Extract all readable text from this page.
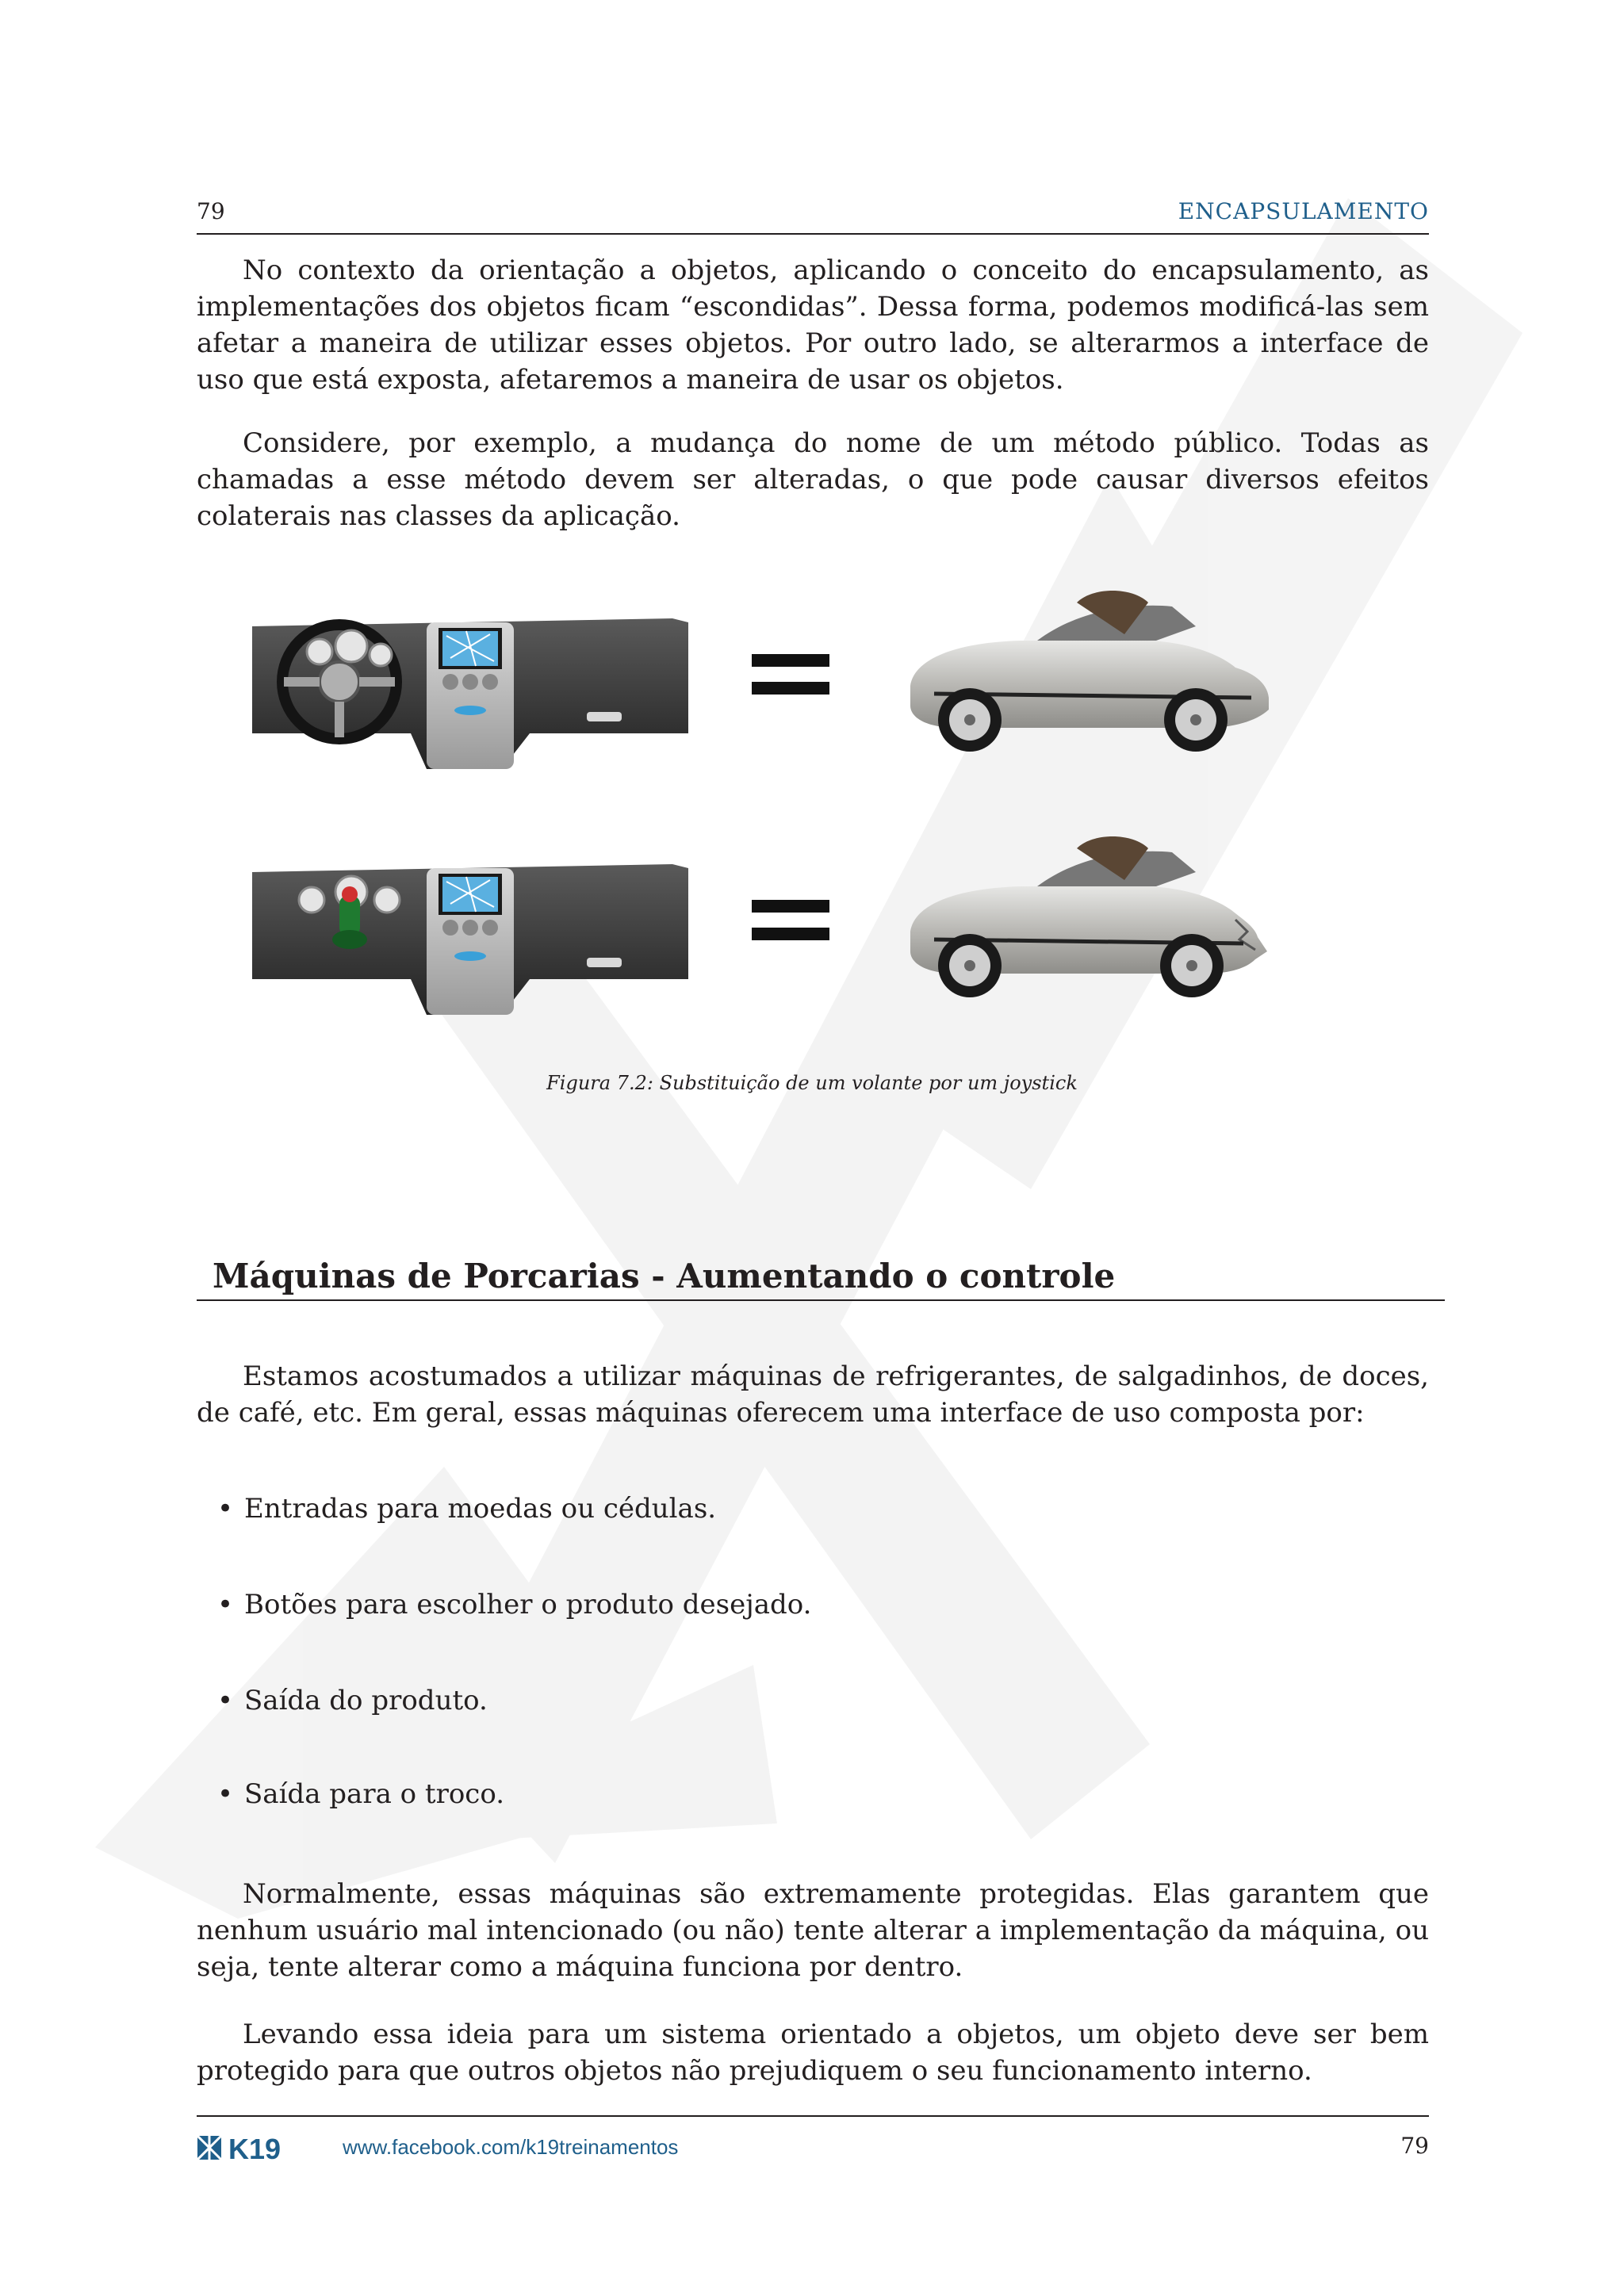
79	ENCAPSULAMENTO

No contexto da orientação a objetos, aplicando o conceito do encapsulamento, as implementações dos objetos ficam “escondidas”. Dessa forma, podemos modificá-las sem afetar a maneira de utilizar esses objetos. Por outro lado, se alterarmos a interface de uso que está exposta, afetaremos a maneira de usar os objetos.

Considere, por exemplo, a mudança do nome de um método público. Todas as chamadas a esse método devem ser alteradas, o que pode causar diversos efeitos colaterais nas classes da aplicação.

Figura 7.2: Substituição de um volante por um joystick
Máquinas de Porcarias - Aumentando o controle

Estamos acostumados a utilizar máquinas de refrigerantes, de salgadinhos, de doces, de café, etc. Em geral, essas máquinas oferecem uma interface de uso composta por:

• Entradas para moedas ou cédulas.
• Botões para escolher o produto desejado.
• Saída do produto.
• Saída para o troco.

Normalmente, essas máquinas são extremamente protegidas. Elas garantem que nenhum usuário mal intencionado (ou não) tente alterar a implementação da máquina, ou seja, tente alterar como a máquina funciona por dentro.

Levando essa ideia para um sistema orientado a objetos, um objeto deve ser bem protegido para que outros objetos não prejudiquem o seu funcionamento interno.

K19	www.facebook.com/k19treinamentos	79
